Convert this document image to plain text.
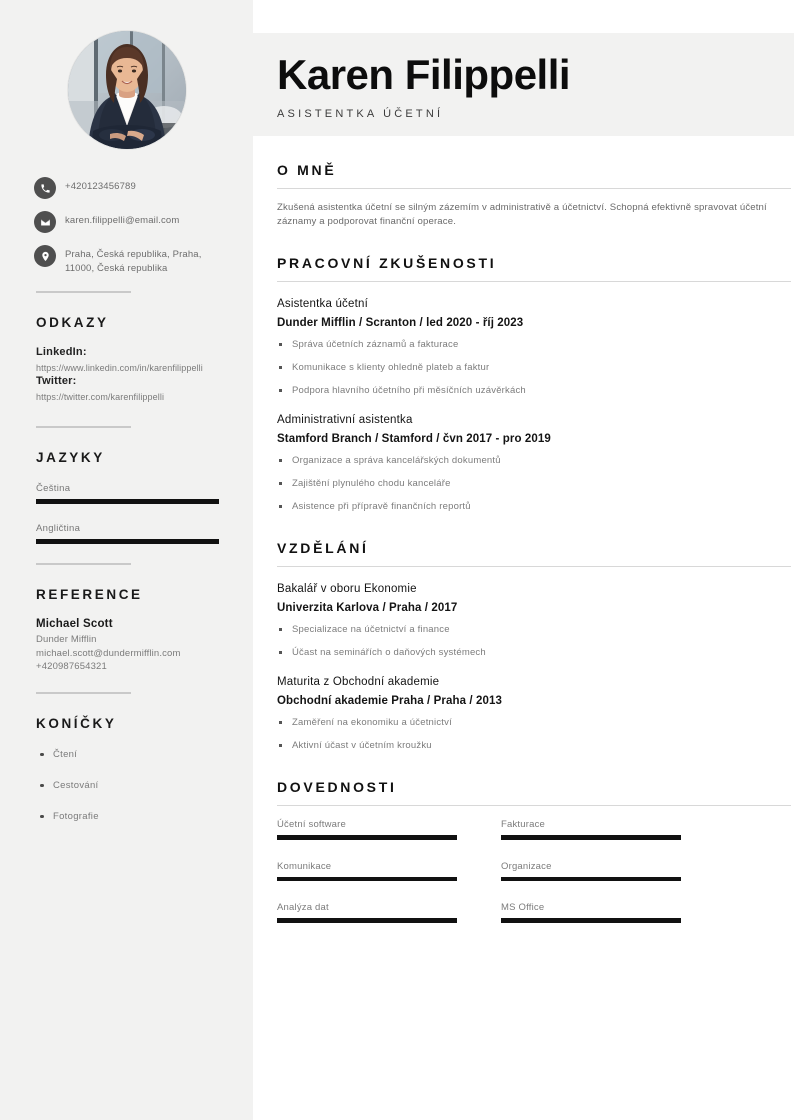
+420123456789
karen.filippelli@email.com
Praha, Česká republika, Praha, 11000, Česká republika
ODKAZY
LinkedIn:
https://www.linkedin.com/in/karenfilippelli
Twitter:
https://twitter.com/karenfilippelli
JAZYKY
Čeština
Angličtina
REFERENCE
Michael Scott
Dunder Mifflin
michael.scott@dundermifflin.com
+420987654321
KONÍČKY
Čtení
Cestování
Fotografie
Karen Filippelli
ASISTENTKA ÚČETNÍ
O MNĚ
Zkušená asistentka účetní se silným zázemím v administrativě a účetnictví. Schopná efektivně spravovat účetní záznamy a podporovat finanční operace.
PRACOVNÍ ZKUŠENOSTI
Asistentka účetní
Dunder Mifflin / Scranton / led 2020 - říj 2023
Správa účetních záznamů a fakturace
Komunikace s klienty ohledně plateb a faktur
Podpora hlavního účetního při měsíčních uzávěrkách
Administrativní asistentka
Stamford Branch / Stamford / čvn 2017 - pro 2019
Organizace a správa kancelářských dokumentů
Zajištění plynulého chodu kanceláře
Asistence při přípravě finančních reportů
VZDĚLÁNÍ
Bakalář v oboru Ekonomie
Univerzita Karlova / Praha / 2017
Specializace na účetnictví a finance
Účast na seminářích o daňových systémech
Maturita z Obchodní akademie
Obchodní akademie Praha / Praha / 2013
Zaměření na ekonomiku a účetnictví
Aktivní účast v účetním kroužku
DOVEDNOSTI
Účetní software	Fakturace
Komunikace	Organizace
Analýza dat	MS Office
